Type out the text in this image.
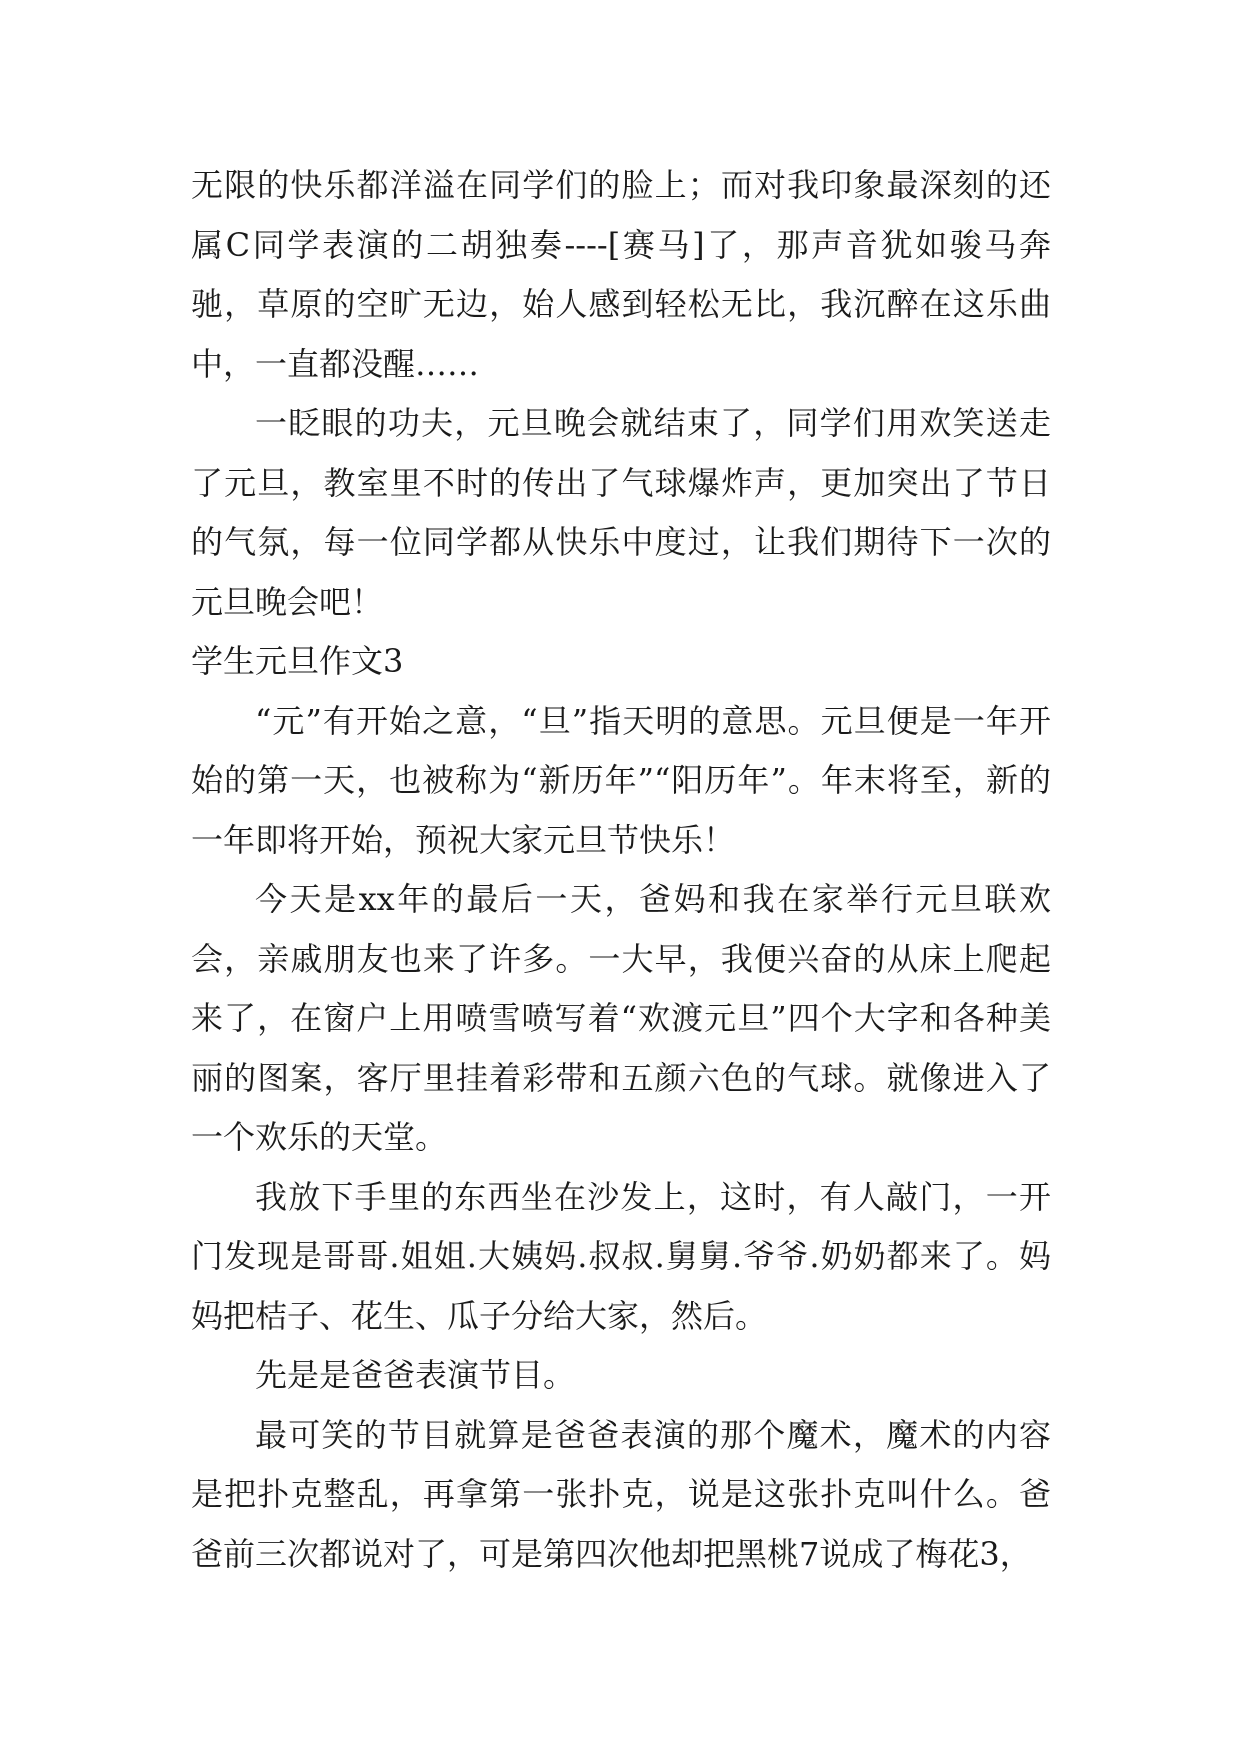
无限的快乐都洋溢在同学们的脸上；而对我印象最深刻的还属C同学表演的二胡独奏----[赛马]了，那声音犹如骏马奔驰，草原的空旷无边，始人感到轻松无比，我沉醉在这乐曲中，一直都没醒……

一眨眼的功夫，元旦晚会就结束了，同学们用欢笑送走了元旦，教室里不时的传出了气球爆炸声，更加突出了节日的气氛，每一位同学都从快乐中度过，让我们期待下一次的元旦晚会吧！

学生元旦作文3

“元”有开始之意，“旦”指天明的意思。元旦便是一年开始的第一天，也被称为“新历年”“阳历年”。年末将至，新的一年即将开始，预祝大家元旦节快乐！

今天是xx年的最后一天，爸妈和我在家举行元旦联欢会，亲戚朋友也来了许多。一大早，我便兴奋的从床上爬起来了，在窗户上用喷雪喷写着“欢渡元旦”四个大字和各种美丽的图案，客厅里挂着彩带和五颜六色的气球。就像进入了一个欢乐的天堂。

我放下手里的东西坐在沙发上，这时，有人敲门，一开门发现是哥哥.姐姐.大姨妈.叔叔.舅舅.爷爷.奶奶都来了。妈妈把桔子、花生、瓜子分给大家，然后。

先是是爸爸表演节目。

最可笑的节目就算是爸爸表演的那个魔术，魔术的内容是把扑克整乱，再拿第一张扑克，说是这张扑克叫什么。爸爸前三次都说对了，可是第四次他却把黑桃7说成了梅花3，
